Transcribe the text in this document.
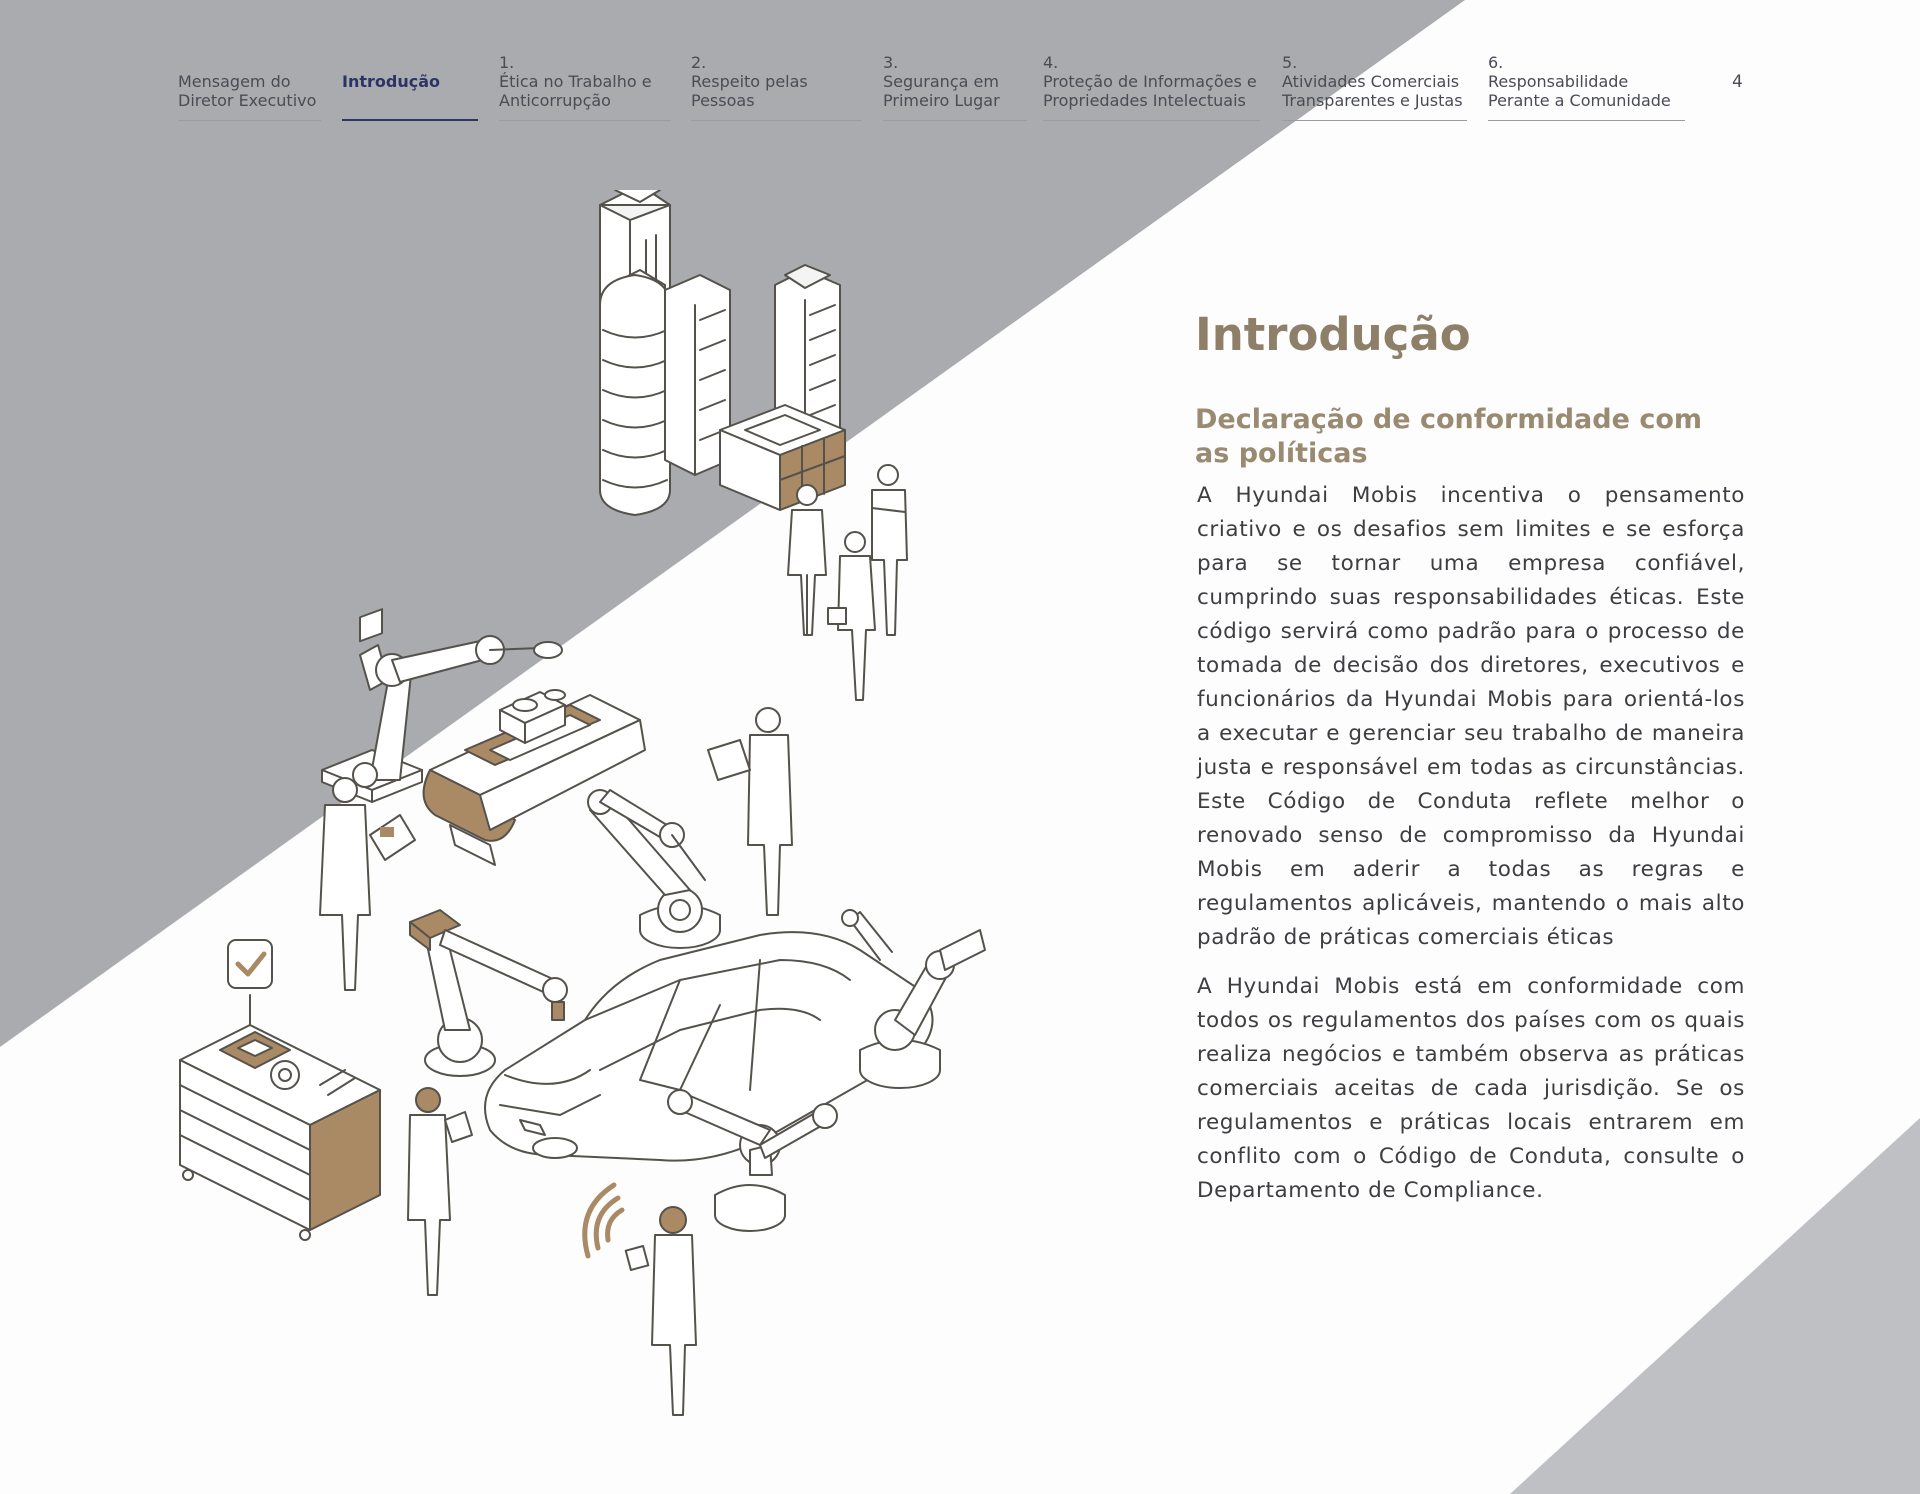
Mensagem do
Diretor Executivo
Introdução
1.
Ética no Trabalho e
Anticorrupção
2.
Respeito pelas
Pessoas
3.
Segurança em
Primeiro Lugar
4.
Proteção de Informações e
Propriedades Intelectuais
5.
Atividades Comerciais
Transparentes e Justas
6.
Responsabilidade
Perante a Comunidade
4
Introdução
Declaração de conformidade com as políticas

A Hyundai Mobis incentiva o pensamento criativo e os desafios sem limites e se esforça para se tornar uma empresa confiável, cumprindo suas responsabilidades éticas. Este código servirá como padrão para o processo de tomada de decisão dos diretores, executivos e funcionários da Hyundai Mobis para orientá-los a executar e gerenciar seu trabalho de maneira justa e responsável em todas as circunstâncias. Este Código de Conduta reflete melhor o renovado senso de compromisso da Hyundai Mobis em aderir a todas as regras e regulamentos aplicáveis, mantendo o mais alto padrão de práticas comerciais éticas

A Hyundai Mobis está em conformidade com todos os regulamentos dos países com os quais realiza negócios e também observa as práticas comerciais aceitas de cada jurisdição. Se os regulamentos e práticas locais entrarem em conflito com o Código de Conduta, consulte o Departamento de Compliance.
